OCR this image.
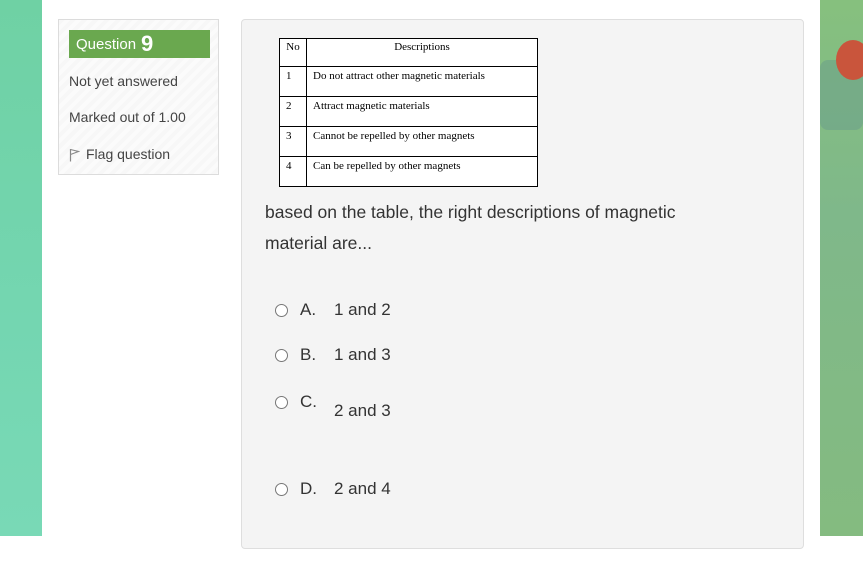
Question 9
Not yet answered
Marked out of 1.00
Flag question
No	Descriptions
1	Do not attract other magnetic materials
2	Attract magnetic materials
3	Cannot be repelled by other magnets
4	Can be repelled by other magnets
based on the table, the right descriptions of magnetic material are...
A.	1 and 2
B.	1 and 3
C.	2 and 3
D.	2 and 4
